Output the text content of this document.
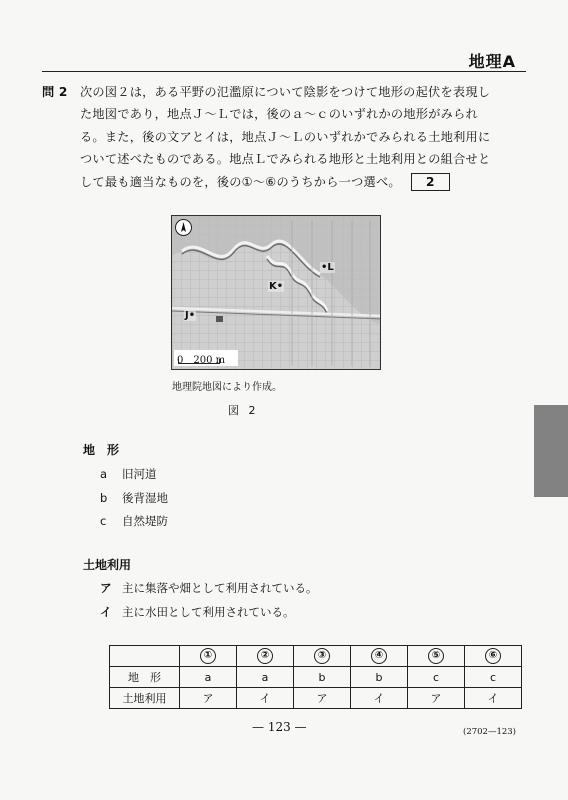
地理A
問 2 次の図２は，ある平野の氾濫原について陰影をつけて地形の起伏を表現した地図であり，地点Ｊ～Ｌでは，後のａ～ｃのいずれかの地形がみられる。また，後の文アとイは，地点Ｊ～Ｌのいずれかでみられる土地利用について述べたものである。地点Ｌでみられる地形と土地利用との組合せとして最も適当なものを，後の①～⑥のうちから一つ選べ。 2
•L
K•
J•
0　200 m
地理院地図により作成。
図 2
地　形
a 旧河道
b 後背湿地
c 自然堤防
土地利用
ア 主に集落や畑として利用されている。
イ 主に水田として利用されている。
	①	②	③	④	⑤	⑥
地　形	a	a	b	b	c	c
土地利用	ア	イ	ア	イ	ア	イ
— 123 —	(2702—123)
